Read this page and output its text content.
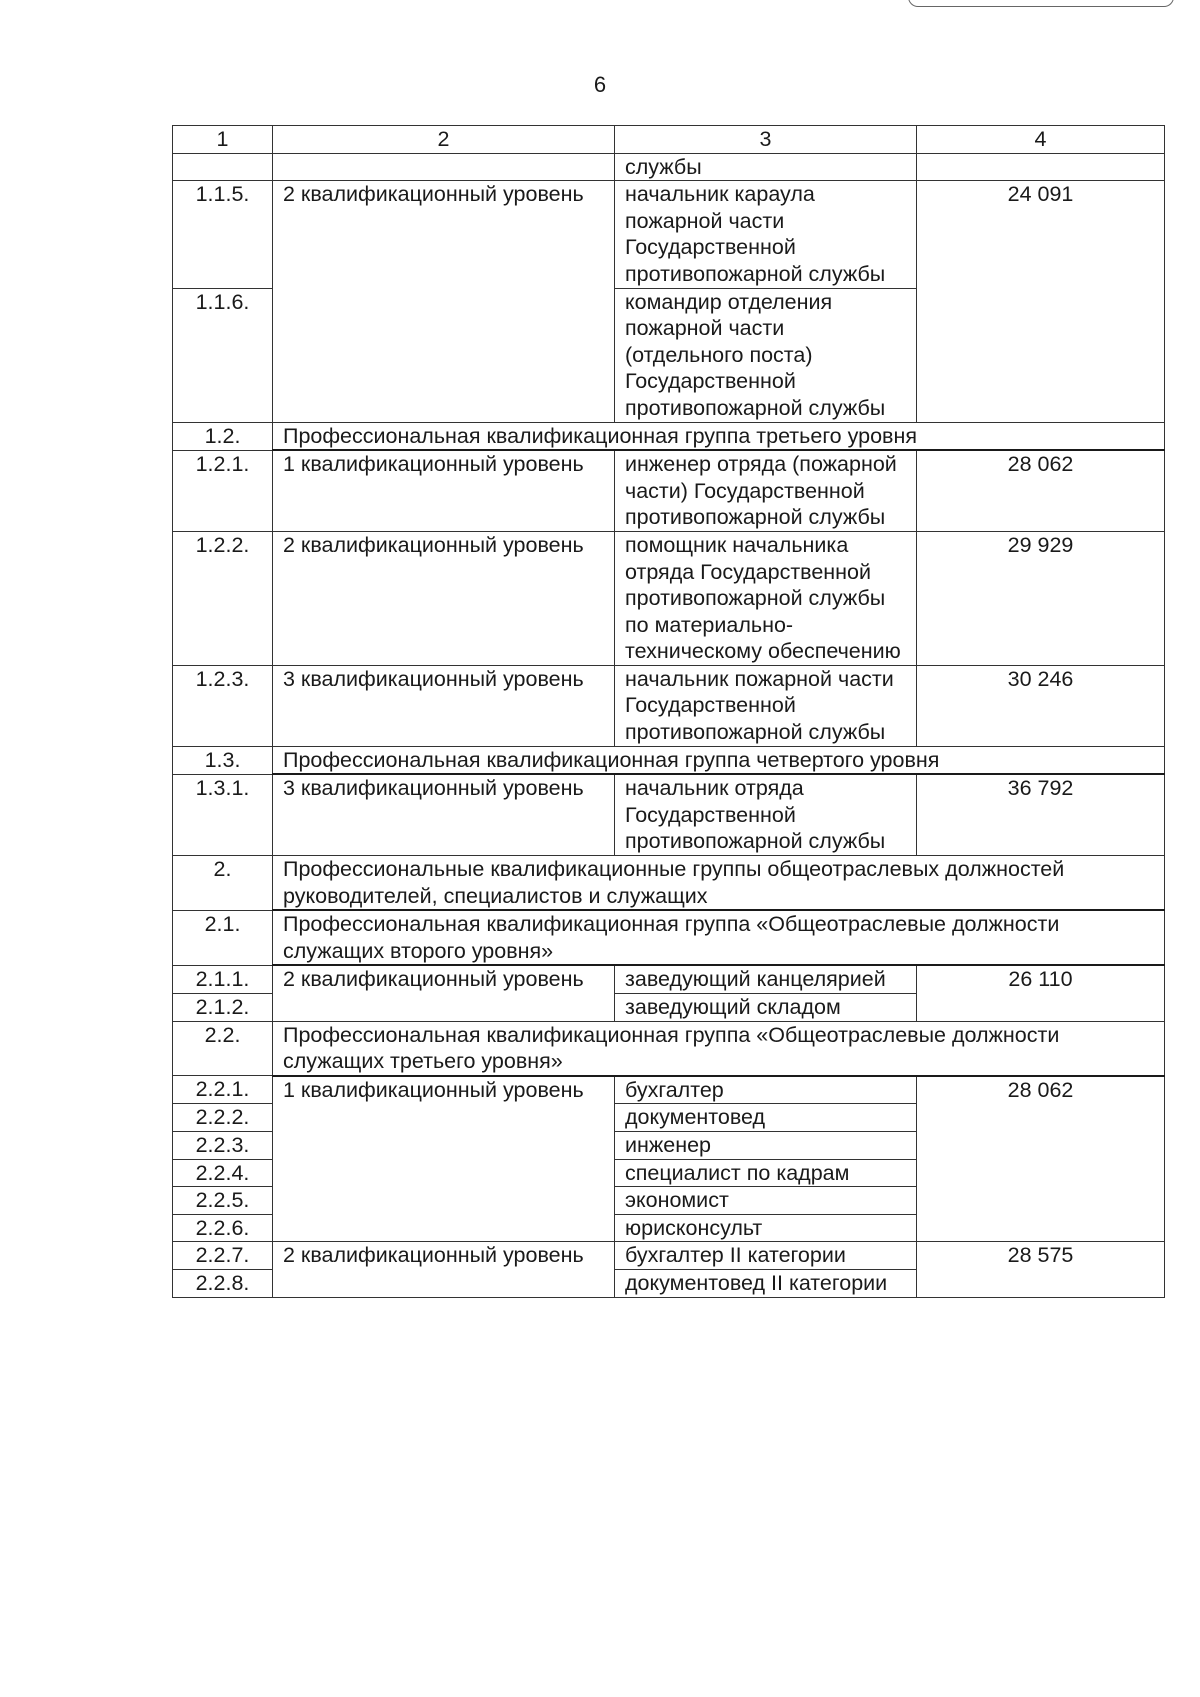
6
1	2	3	4
		службы	
1.1.5.	2 квалификационный уровень	начальник караула пожарной части Государственной противопожарной службы	24 091
1.1.6.		командир отделения пожарной части (отдельного поста) Государственной противопожарной службы	
1.2.	Профессиональная квалификационная группа третьего уровня		
1.2.1.	1 квалификационный уровень	инженер отряда (пожарной части) Государственной противопожарной службы	28 062
1.2.2.	2 квалификационный уровень	помощник начальника отряда Государственной противопожарной службы по материально-техническому обеспечению	29 929
1.2.3.	3 квалификационный уровень	начальник пожарной части Государственной противопожарной службы	30 246
1.3.	Профессиональная квалификационная группа четвертого уровня		
1.3.1.	3 квалификационный уровень	начальник отряда Государственной противопожарной службы	36 792
2.	Профессиональные квалификационные группы общеотраслевых должностей руководителей, специалистов и служащих		
2.1.	Профессиональная квалификационная группа «Общеотраслевые должности служащих второго уровня»		
2.1.1.	2 квалификационный уровень	заведующий канцелярией	26 110
2.1.2.		заведующий складом	
2.2.	Профессиональная квалификационная группа «Общеотраслевые должности служащих третьего уровня»		
2.2.1.	1 квалификационный уровень	бухгалтер	28 062
2.2.2.		документовед	
2.2.3.		инженер	
2.2.4.		специалист по кадрам	
2.2.5.		экономист	
2.2.6.		юрисконсульт	
2.2.7.	2 квалификационный уровень	бухгалтер II категории	28 575
2.2.8.		документовед II категории	
